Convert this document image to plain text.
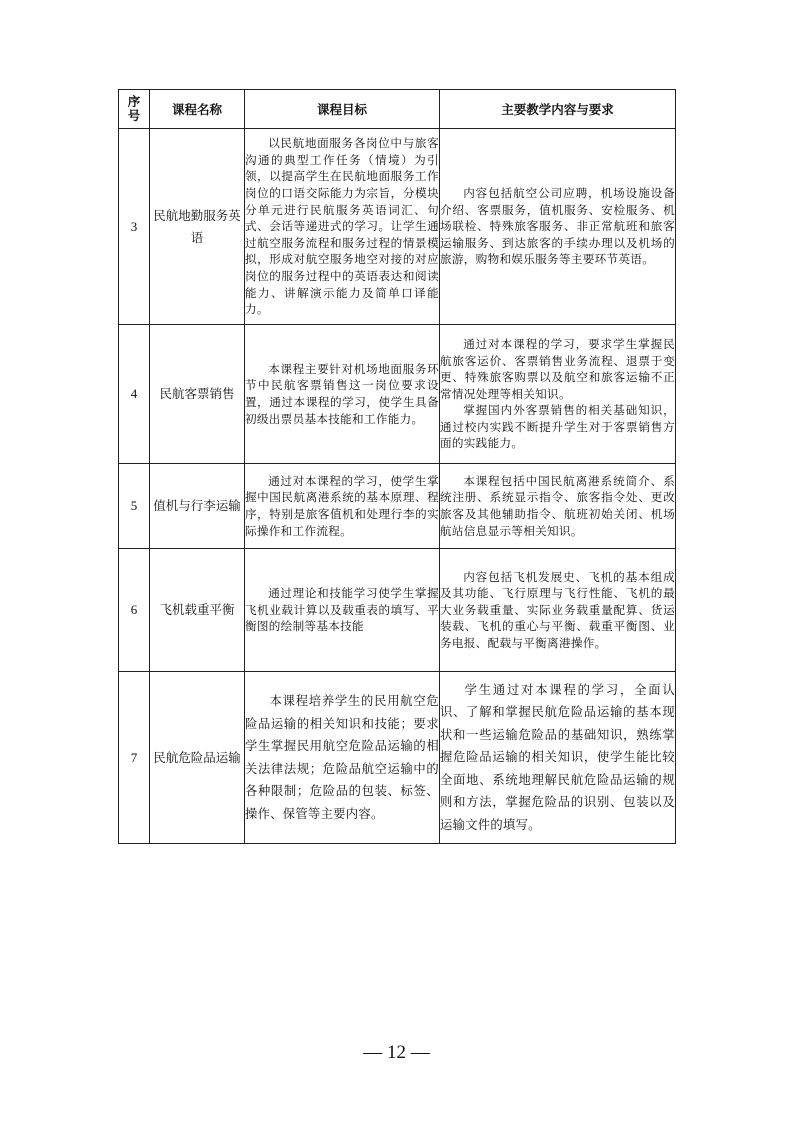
序号	课程名称	课程目标	主要教学内容与要求
3	民航地勤服务英语	以民航地面服务各岗位中与旅客沟通的典型工作任务（情境）为引领，以提高学生在民航地面服务工作岗位的口语交际能力为宗旨，分模块分单元进行民航服务英语词汇、句式、会话等递进式的学习。让学生通过航空服务流程和服务过程的情景模拟，形成对航空服务地空对接的对应岗位的服务过程中的英语表达和阅读能力、讲解演示能力及简单口译能力。	内容包括航空公司应聘，机场设施设备介绍、客票服务，值机服务、安检服务、机场联检、特殊旅客服务、非正常航班和旅客运输服务、到达旅客的手续办理以及机场的旅游，购物和娱乐服务等主要环节英语。

4	民航客票销售	本课程主要针对机场地面服务环节中民航客票销售这一岗位要求设置，通过本课程的学习，使学生具备初级出票员基本技能和工作能力。	通过对本课程的学习，要求学生掌握民航旅客运价、客票销售业务流程、退票于变更、特殊旅客购票以及航空和旅客运输不正常情况处理等相关知识。

掌握国内外客票销售的相关基础知识，通过校内实践不断提升学生对于客票销售方面的实践能力。

5	值机与行李运输	通过对本课程的学习，使学生掌握中国民航离港系统的基本原理、程序，特别是旅客值机和处理行李的实际操作和工作流程。	本课程包括中国民航离港系统简介、系统注册、系统显示指令、旅客指令处、更改旅客及其他辅助指令、航班初始关闭、机场航站信息显示等相关知识。

6	飞机载重平衡	通过理论和技能学习使学生掌握飞机业载计算以及载重表的填写、平衡图的绘制等基本技能	内容包括飞机发展史、飞机的基本组成及其功能、飞行原理与飞行性能、飞机的最大业务载重量、实际业务载重量配算、货运装载、飞机的重心与平衡、载重平衡图、业务电报、配载与平衡离港操作。

7	民航危险品运输	本课程培养学生的民用航空危险品运输的相关知识和技能；要求学生掌握民用航空危险品运输的相关法律法规；危险品航空运输中的各种限制；危险品的包装、标签、操作、保管等主要内容。	学生通过对本课程的学习，全面认识、了解和掌握民航危险品运输的基本现状和一些运输危险品的基础知识，熟练掌握危险品运输的相关知识，使学生能比较全面地、系统地理解民航危险品运输的规则和方法，掌握危险品的识别、包装以及运输文件的填写。

— 12 —
